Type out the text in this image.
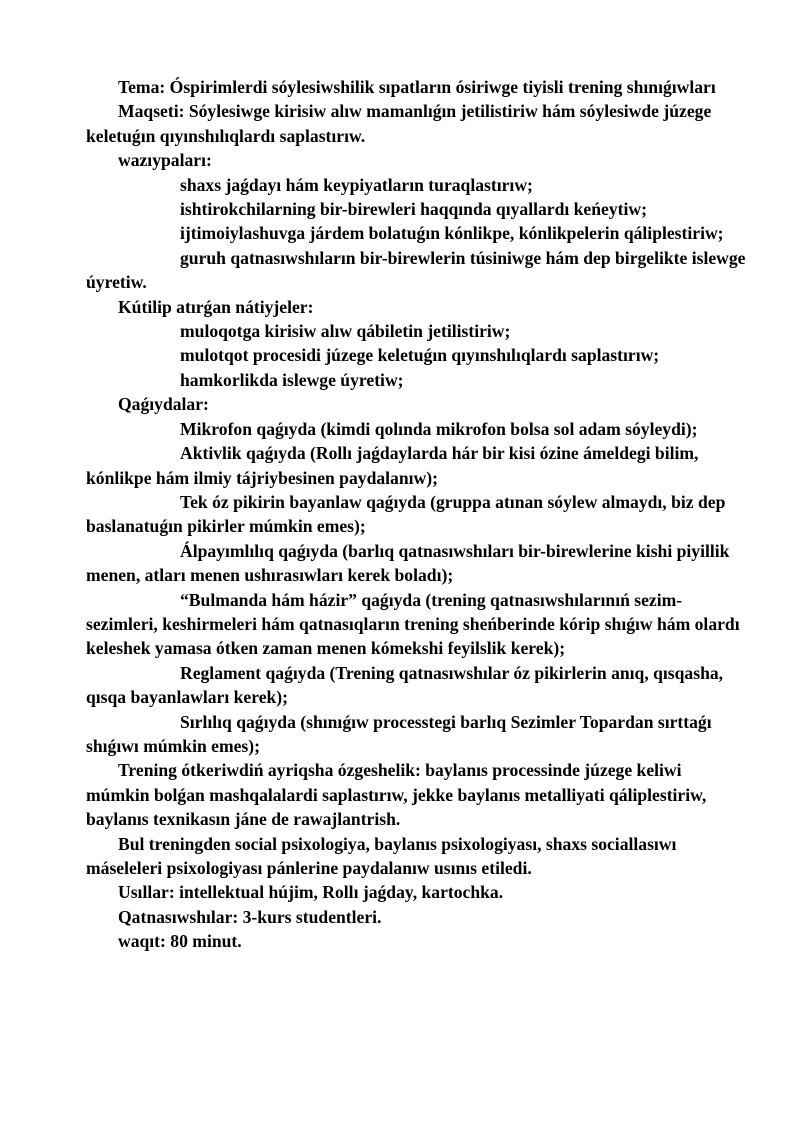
Tema: Óspirimlerdi sóylesiwshilik sıpatların ósiriwge tiyisli trening shınıǵıwları

Maqseti: Sóylesiwge kirisiw alıw mamanlıǵın jetilistiriw hám sóylesiwde júzege keletuǵın qıyınshılıqlardı saplastırıw.

wazıypaları:

shaxs jaǵdayı hám keypiyatların turaqlastırıw;

ishtirokchilarning bir-birewleri haqqında qıyallardı keńeytiw;

ijtimoiylashuvga járdem bolatuǵın kónlikpe, kónlikpelerin qáliplestiriw;

guruh qatnasıwshıların bir-birewlerin túsiniwge hám dep birgelikte islewge úyretiw.

Kútilip atırǵan nátiyjeler:

muloqotga kirisiw alıw qábiletin jetilistiriw;

mulotqot procesidi júzege keletuǵın qıyınshılıqlardı saplastırıw;

hamkorlikda islewge úyretiw;

Qaǵıydalar:

Mikrofon qaǵıyda (kimdi qolında mikrofon bolsa sol adam sóyleydi);

Aktivlik qaǵıyda (Rollı jaǵdaylarda hár bir kisi ózine ámeldegi bilim, kónlikpe hám ilmiy tájriybesinen paydalanıw);

Tek óz pikirin bayanlaw qaǵıyda (gruppa atınan sóylew almaydı, biz dep baslanatuǵın pikirler múmkin emes);

Álpayımlılıq qaǵıyda (barlıq qatnasıwshıları bir-birewlerine kishi piyillik menen, atları menen ushırasıwları kerek boladı);

“Bulmanda hám házir” qaǵıyda (trening qatnasıwshılarınıń sezim-sezimleri, keshirmeleri hám qatnasıqların trening sheńberinde kórip shıǵıw hám olardı keleshek yamasa ótken zaman menen kómekshi feyilslik kerek);

Reglament qaǵıyda (Trening qatnasıwshılar óz pikirlerin anıq, qısqasha, qısqa bayanlawları kerek);

Sırlılıq qaǵıyda (shınıǵıw processtegi barlıq Sezimler Topardan sırttaǵı shıǵıwı múmkin emes);

Trening ótkeriwdiń ayriqsha ózgeshelik: baylanıs processinde júzege keliwi múmkin bolǵan mashqalalardi saplastırıw, jekke baylanıs metalliyati qáliplestiriw, baylanıs texnikasın jáne de rawajlantrish.

Bul treningden social psixologiya, baylanıs psixologiyası, shaxs sociallasıwı máseleleri psixologiyası pánlerine paydalanıw usınıs etiledi.

Usıllar: intellektual hújim, Rollı jaǵday, kartochka.

Qatnasıwshılar: 3-kurs studentleri.

waqıt: 80 minut.
